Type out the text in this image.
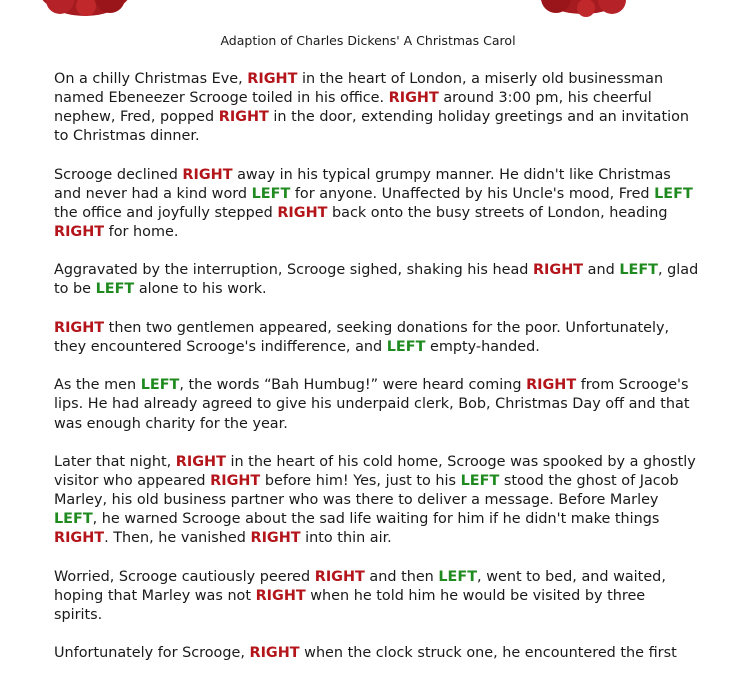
Adaption of Charles Dickens' A Christmas Carol

On a chilly Christmas Eve, RIGHT in the heart of London, a miserly old businessman
named Ebeneezer Scrooge toiled in his office. RIGHT around 3:00 pm, his cheerful
nephew, Fred, popped RIGHT in the door, extending holiday greetings and an invitation
to Christmas dinner.

Scrooge declined RIGHT away in his typical grumpy manner. He didn't like Christmas
and never had a kind word LEFT for anyone. Unaffected by his Uncle's mood, Fred LEFT
the office and joyfully stepped RIGHT back onto the busy streets of London, heading
RIGHT for home.

Aggravated by the interruption, Scrooge sighed, shaking his head RIGHT and LEFT, glad
to be LEFT alone to his work.

RIGHT then two gentlemen appeared, seeking donations for the poor. Unfortunately,
they encountered Scrooge's indifference, and LEFT empty-handed.

As the men LEFT, the words “Bah Humbug!” were heard coming RIGHT from Scrooge's
lips. He had already agreed to give his underpaid clerk, Bob, Christmas Day off and that
was enough charity for the year.

Later that night, RIGHT in the heart of his cold home, Scrooge was spooked by a ghostly
visitor who appeared RIGHT before him! Yes, just to his LEFT stood the ghost of Jacob
Marley, his old business partner who was there to deliver a message. Before Marley
LEFT, he warned Scrooge about the sad life waiting for him if he didn't make things
RIGHT. Then, he vanished RIGHT into thin air.

Worried, Scrooge cautiously peered RIGHT and then LEFT, went to bed, and waited,
hoping that Marley was not RIGHT when he told him he would be visited by three
spirits.

Unfortunately for Scrooge, RIGHT when the clock struck one, he encountered the first
